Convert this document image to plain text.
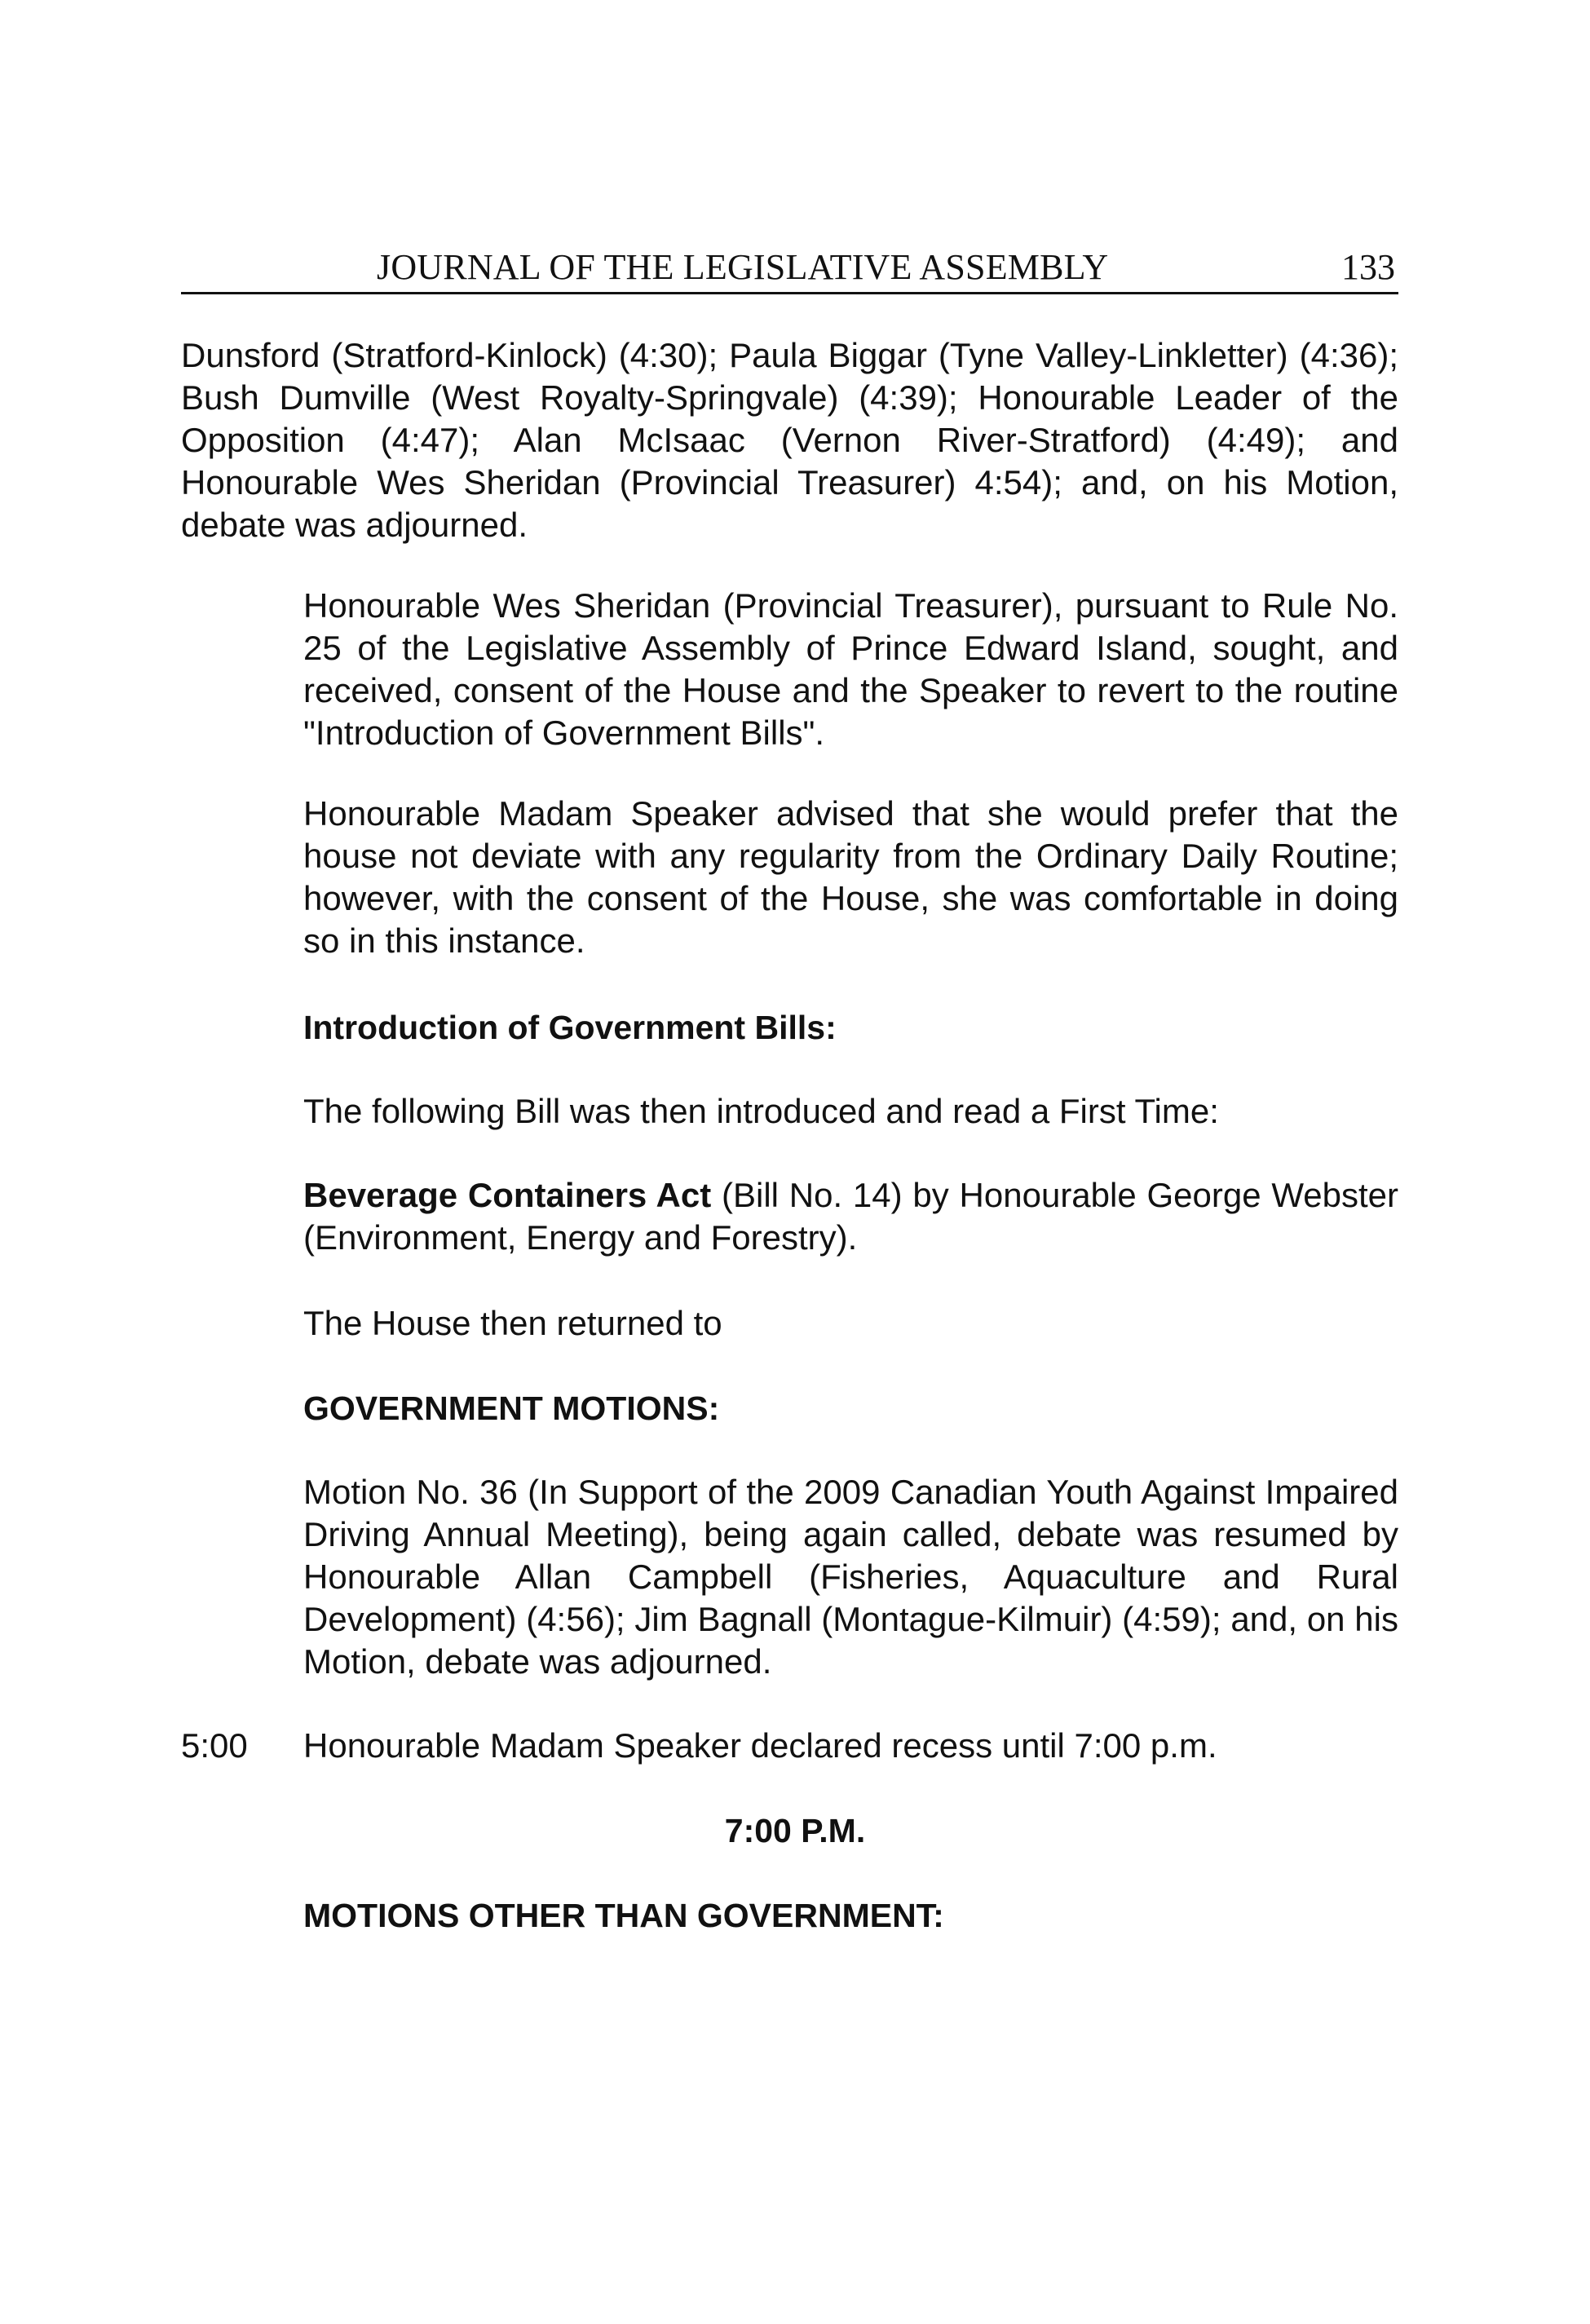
JOURNAL OF THE LEGISLATIVE ASSEMBLY	133

Dunsford (Stratford-Kinlock) (4:30); Paula Biggar (Tyne Valley-Linkletter) (4:36); Bush Dumville (West Royalty-Springvale) (4:39); Honourable Leader of the Opposition (4:47); Alan McIsaac (Vernon River-Stratford) (4:49); and Honourable Wes Sheridan (Provincial Treasurer) 4:54); and, on his Motion, debate was adjourned.

Honourable Wes Sheridan (Provincial Treasurer), pursuant to Rule No. 25 of the Legislative Assembly of Prince Edward Island, sought, and received, consent of the House and the Speaker to revert to the routine "Introduction of Government Bills".

Honourable Madam Speaker advised that she would prefer that the house not deviate with any regularity from the Ordinary Daily Routine; however, with the consent of the House, she was comfortable in doing so in this instance.

Introduction of Government Bills:

The following Bill was then introduced and read a First Time:

Beverage Containers Act (Bill No. 14) by Honourable George Webster (Environment, Energy and Forestry).

The House then returned to

GOVERNMENT MOTIONS:

Motion No. 36 (In Support of the 2009 Canadian Youth Against Impaired Driving Annual Meeting), being again called, debate was resumed by Honourable Allan Campbell (Fisheries, Aquaculture and Rural Development) (4:56); Jim Bagnall (Montague-Kilmuir) (4:59); and, on his Motion, debate was adjourned.

5:00 Honourable Madam Speaker declared recess until 7:00 p.m.

7:00 P.M.

MOTIONS OTHER THAN GOVERNMENT:
